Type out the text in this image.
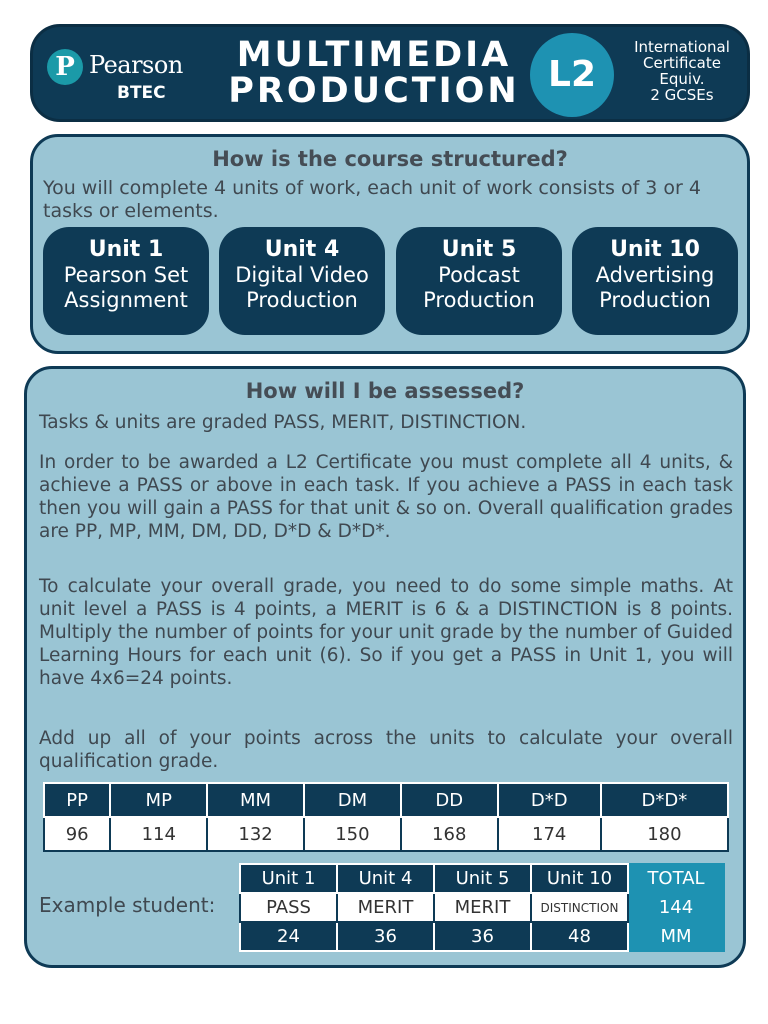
P Pearson
BTEC
MULTIMEDIA
PRODUCTION L2
International
Certificate
Equiv.
2 GCSEs
How is the course structured?
You will complete 4 units of work, each unit of work consists of 3 or 4 tasks or elements.
Unit 1
Pearson Set
Assignment
Unit 4
Digital Video
Production
Unit 5
Podcast
Production
Unit 10
Advertising
Production
How will I be assessed?
Tasks & units are graded PASS, MERIT, DISTINCTION.
In order to be awarded a L2 Certificate you must complete all 4 units, & achieve a PASS or above in each task. If you achieve a PASS in each task then you will gain a PASS for that unit & so on. Overall qualification grades are PP, MP, MM, DM, DD, D*D & D*D*.
To calculate your overall grade, you need to do some simple maths. At unit level a PASS is 4 points, a MERIT is 6 & a DISTINCTION is 8 points. Multiply the number of points for your unit grade by the number of Guided Learning Hours for each unit (6). So if you get a PASS in Unit 1, you will have 4x6=24 points.
Add up all of your points across the units to calculate your overall qualification grade.
PP	MP	MM	DM	DD	D*D	D*D*
96	114	132	150	168	174	180
Example student:
Unit 1	Unit 4	Unit 5	Unit 10	TOTAL
PASS	MERIT	MERIT	DISTINCTION	144
24	36	36	48	MM
